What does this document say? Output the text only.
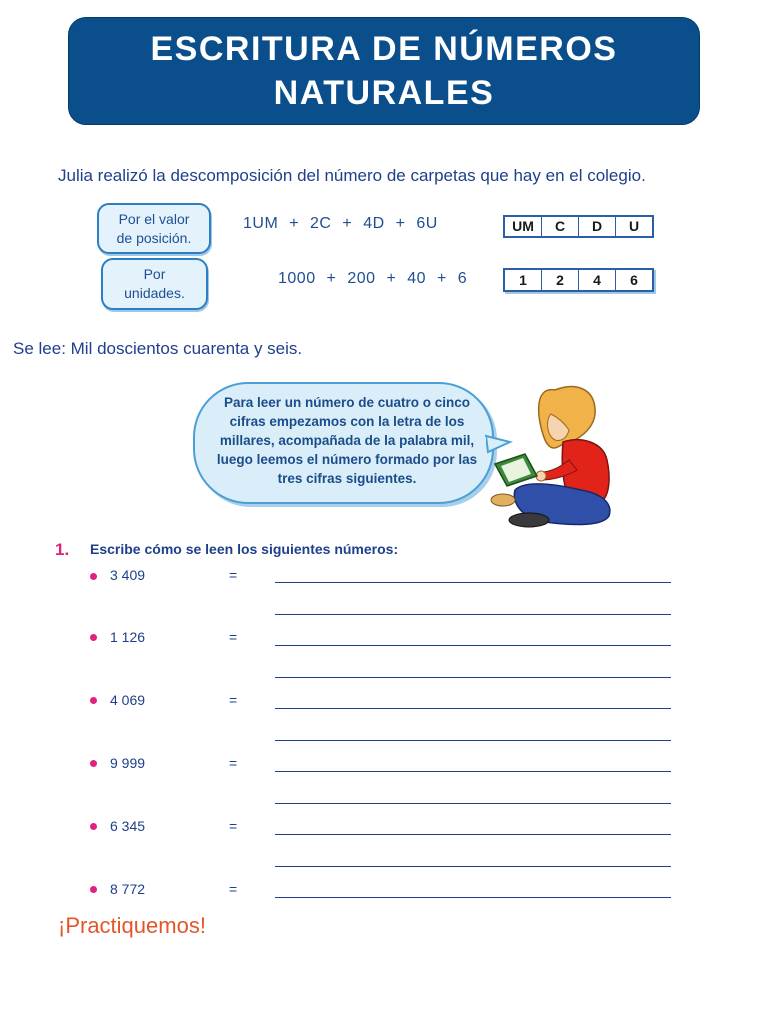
ESCRITURA DE NÚMEROS
NATURALES
Julia realizó la descomposición del número de carpetas que hay en el colegio.
Por el valor
de posición.
1UM + 2C + 4D + 6U	UM	C	D	U
Por
unidades.
1000 + 200 + 40 + 6	1	2	4	6
Se lee: Mil doscientos cuarenta y seis.
Para leer un número de cuatro o cinco cifras empezamos con la letra de los millares, acompañada de la palabra mil, luego leemos el número formado por las tres cifras siguientes.
1. Escribe cómo se leen los siguientes números:
3 409	=
1 126	=
4 069	=
9 999	=
6 345	=
8 772	=
¡Practiquemos!
